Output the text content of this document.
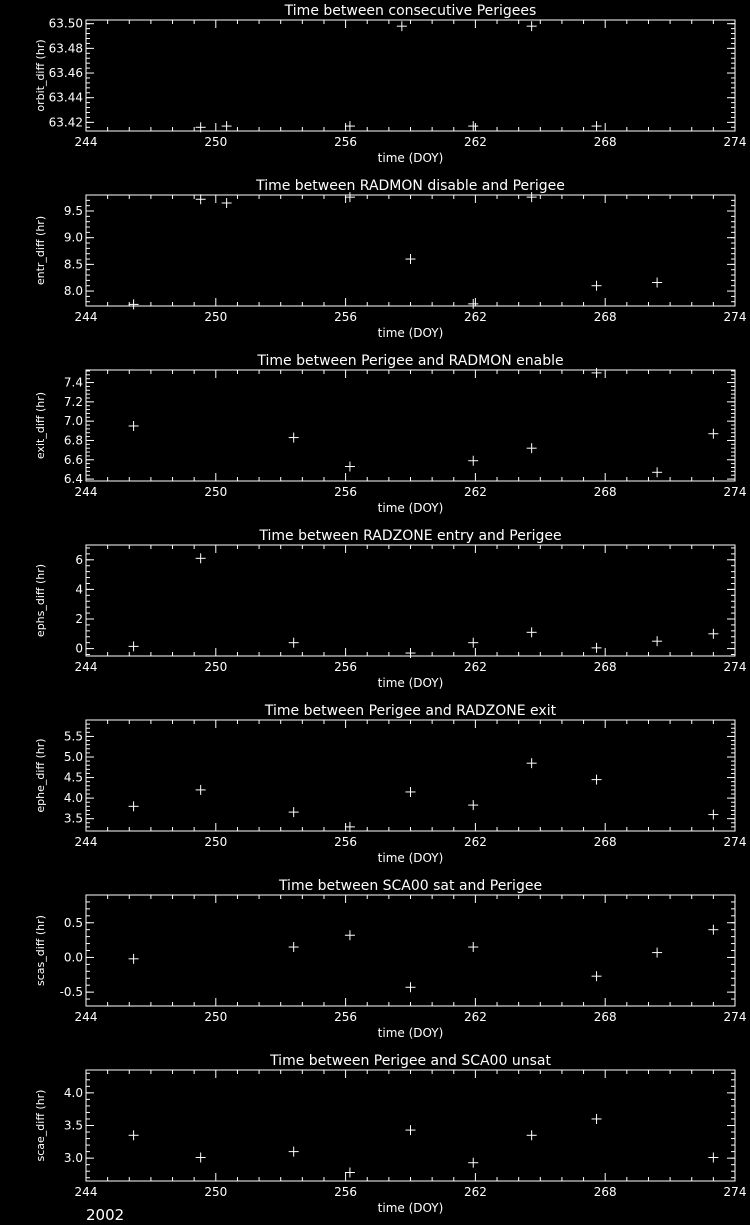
244	250	256	262	268	274
63.42
63.44
63.46
63.48
63.50
Time between consecutive Perigees
time (DOY)
orbit_diff (hr)
244	250	256	262	268	274
8.0
8.5
9.0
9.5
Time between RADMON disable and Perigee
time (DOY)
entr_diff (hr)
244	250	256	262	268	274
6.4
6.6
6.8
7.0
7.2
7.4
Time between Perigee and RADMON enable
time (DOY)
exit_diff (hr)
244	250	256	262	268	274
0
2
4
6
Time between RADZONE entry and Perigee
time (DOY)
ephs_diff (hr)
244	250	256	262	268	274
3.5
4.0
4.5
5.0
5.5
Time between Perigee and RADZONE exit
time (DOY)
ephe_diff (hr)
244	250	256	262	268	274
-0.5
0.0
0.5
Time between SCA00 sat and Perigee
time (DOY)
scas_diff (hr)
244	250	256	262	268	274
3.0
3.5
4.0
Time between Perigee and SCA00 unsat
time (DOY)
scae_diff (hr)
2002
